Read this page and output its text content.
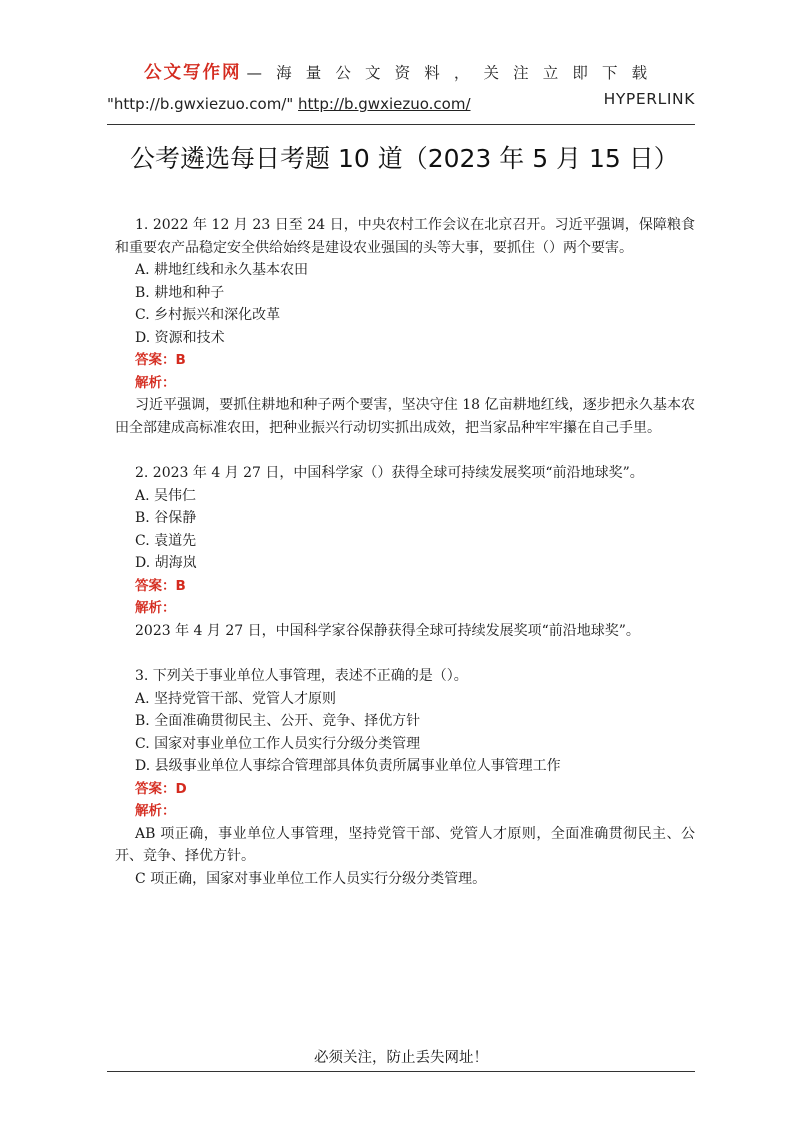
公文写作网 — 海 量 公 文 资 料 ， 关 注 立 即 下 载
HYPERLINK
"http://b.gwxiezuo.com/" http://b.gwxiezuo.com/
公考遴选每日考题 10 道（2023 年 5 月 15 日）
1. 2022 年 12 月 23 日至 24 日，中央农村工作会议在北京召开。习近平强调，保障粮食和重要农产品稳定安全供给始终是建设农业强国的头等大事，要抓住（）两个要害。
A. 耕地红线和永久基本农田
B. 耕地和种子
C. 乡村振兴和深化改革
D. 资源和技术
答案：B
解析：
习近平强调，要抓住耕地和种子两个要害，坚决守住 18 亿亩耕地红线，逐步把永久基本农田全部建成高标准农田，把种业振兴行动切实抓出成效，把当家品种牢牢攥在自己手里。
2. 2023 年 4 月 27 日，中国科学家（）获得全球可持续发展奖项“前沿地球奖”。
A. 吴伟仁
B. 谷保静
C. 袁道先
D. 胡海岚
答案：B
解析：
2023 年 4 月 27 日，中国科学家谷保静获得全球可持续发展奖项“前沿地球奖”。
3. 下列关于事业单位人事管理，表述不正确的是（）。
A. 坚持党管干部、党管人才原则
B. 全面准确贯彻民主、公开、竞争、择优方针
C. 国家对事业单位工作人员实行分级分类管理
D. 县级事业单位人事综合管理部具体负责所属事业单位人事管理工作
答案：D
解析：
AB 项正确，事业单位人事管理，坚持党管干部、党管人才原则，全面准确贯彻民主、公开、竞争、择优方针。
C 项正确，国家对事业单位工作人员实行分级分类管理。
必须关注，防止丢失网址！
